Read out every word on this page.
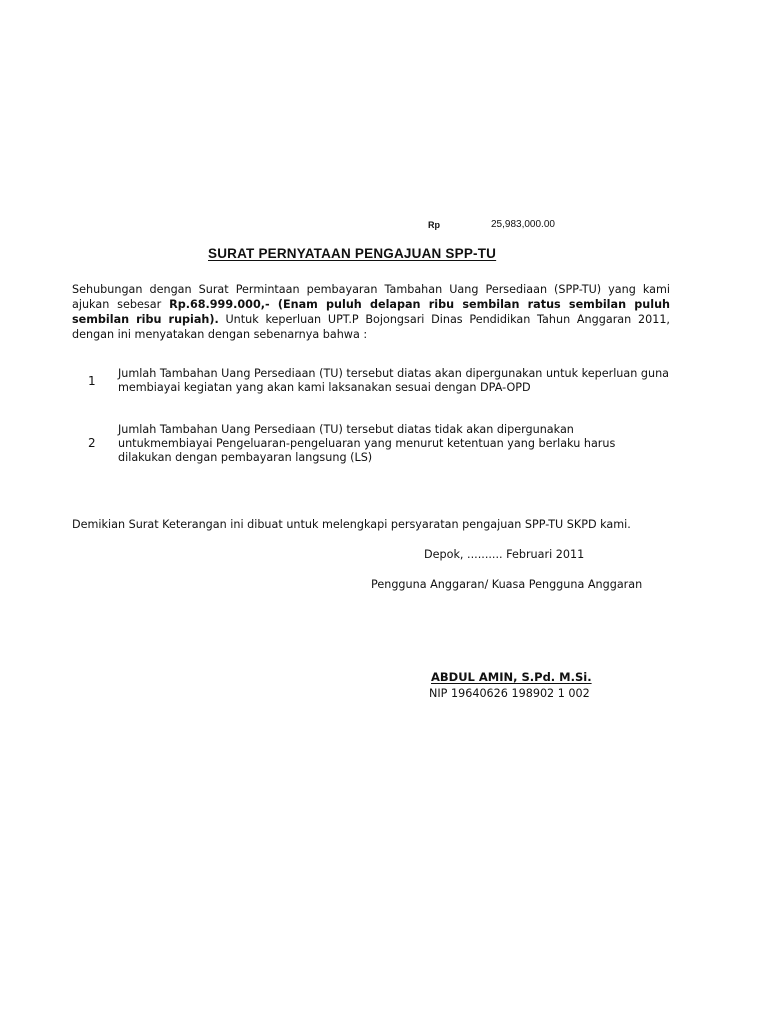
Rp	25,983,000.00
SURAT PERNYATAAN PENGAJUAN SPP-TU
Sehubungan dengan Surat Permintaan pembayaran Tambahan Uang Persediaan (SPP-TU) yang kami ajukan sebesar Rp.68.999.000,- (Enam puluh delapan ribu sembilan ratus sembilan puluh sembilan ribu rupiah). Untuk keperluan UPT.P Bojongsari Dinas Pendidikan Tahun Anggaran 2011, dengan ini menyatakan dengan sebenarnya bahwa :
1
Jumlah Tambahan Uang Persediaan (TU) tersebut diatas akan dipergunakan untuk keperluan guna membiayai kegiatan yang akan kami laksanakan sesuai dengan DPA-OPD
2
Jumlah Tambahan Uang Persediaan (TU) tersebut diatas tidak akan dipergunakan untukmembiayai Pengeluaran-pengeluaran yang menurut ketentuan yang berlaku harus dilakukan dengan pembayaran langsung (LS)
Demikian Surat Keterangan ini dibuat untuk melengkapi persyaratan pengajuan SPP-TU SKPD kami.
Depok, .......... Februari 2011
Pengguna Anggaran/ Kuasa Pengguna Anggaran
ABDUL AMIN, S.Pd. M.Si.
NIP 19640626 198902 1 002
